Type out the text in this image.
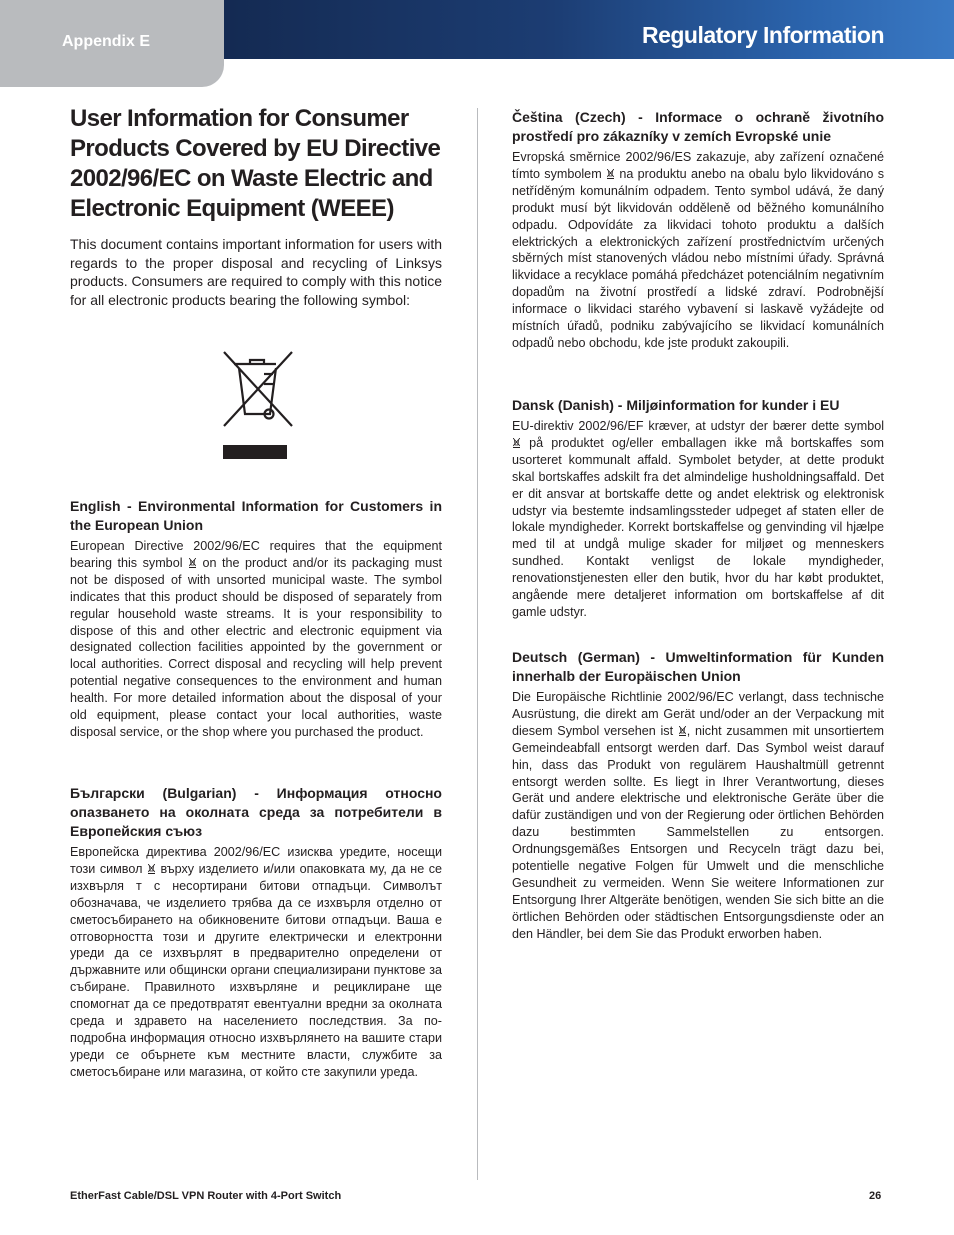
Appendix E	Regulatory Information
User Information for Consumer Products Covered by EU Directive 2002/96/EC on Waste Electric and Electronic Equipment (WEEE)

This document contains important information for users with regards to the proper disposal and recycling of Linksys products. Consumers are required to comply with this notice for all electronic products bearing the following symbol:

English - Environmental Information for Customers in the European Union

European Directive 2002/96/EC requires that the equipment bearing this symbol on the product and/or its packaging must not be disposed of with unsorted municipal waste. The symbol indicates that this product should be disposed of separately from regular household waste streams. It is your responsibility to dispose of this and other electric and electronic equipment via designated collection facilities appointed by the government or local authorities. Correct disposal and recycling will help prevent potential negative consequences to the environment and human health. For more detailed information about the disposal of your old equipment, please contact your local authorities, waste disposal service, or the shop where you purchased the product.

Български (Bulgarian) - Информация относно опазването на околната среда за потребители в Европейския съюз

Европейска директива 2002/96/EC изисква уредите, носещи този символ върху изделието и/или опаковката му, да не се изхвърля т с несортирани битови отпадъци. Символът обозначава, че изделието трябва да се изхвърля отделно от сметосъбирането на обикновените битови отпадъци. Ваша е отговорността този и другите електрически и електронни уреди да се изхвърлят в предварително определени от държавните или общински органи специализирани пунктове за събиране. Правилното изхвърляне и рециклиране ще спомогнат да се предотвратят евентуални вредни за околната среда и здравето на населението последствия. За по-подробна информация относно изхвърлянето на вашите стари уреди се обърнете към местните власти, службите за сметосъбиране или магазина, от който сте закупили уреда.

Čeština (Czech) - Informace o ochraně životního prostředí pro zákazníky v zemích Evropské unie

Evropská směrnice 2002/96/ES zakazuje, aby zařízení označené tímto symbolem na produktu anebo na obalu bylo likvidováno s netříděným komunálním odpadem. Tento symbol udává, že daný produkt musí být likvidován odděleně od běžného komunálního odpadu. Odpovídáte za likvidaci tohoto produktu a dalších elektrických a elektronických zařízení prostřednictvím určených sběrných míst stanovených vládou nebo místními úřady. Správná likvidace a recyklace pomáhá předcházet potenciálním negativním dopadům na životní prostředí a lidské zdraví. Podrobnější informace o likvidaci starého vybavení si laskavě vyžádejte od místních úřadů, podniku zabývajícího se likvidací komunálních odpadů nebo obchodu, kde jste produkt zakoupili.

Dansk (Danish) - Miljøinformation for kunder i EU

EU-direktiv 2002/96/EF kræver, at udstyr der bærer dette symbol  på produktet og/eller emballagen ikke må bortskaffes som usorteret kommunalt affald. Symbolet betyder, at dette produkt skal bortskaffes adskilt fra det almindelige husholdningsaffald. Det er dit ansvar at bortskaffe dette og andet elektrisk og elektronisk udstyr via bestemte indsamlingssteder udpeget af staten eller de lokale myndigheder. Korrekt bortskaffelse og genvinding vil hjælpe med til at undgå mulige skader for miljøet og menneskers sundhed. Kontakt venligst de lokale myndigheder, renovationstjenesten eller den butik, hvor du har købt produktet, angående mere detaljeret information om bortskaffelse af dit gamle udstyr.

Deutsch (German) - Umweltinformation für Kunden innerhalb der Europäischen Union

Die Europäische Richtlinie 2002/96/EC verlangt, dass technische Ausrüstung, die direkt am Gerät und/oder an der Verpackung mit diesem Symbol versehen ist , nicht zusammen mit unsortiertem Gemeindeabfall entsorgt werden darf. Das Symbol weist darauf hin, dass das Produkt von regulärem Haushaltmüll getrennt entsorgt werden sollte. Es liegt in Ihrer Verantwortung, dieses Gerät und andere elektrische und elektronische Geräte über die dafür zuständigen und von der Regierung oder örtlichen Behörden dazu bestimmten Sammelstellen zu entsorgen. Ordnungsgemäßes Entsorgen und Recyceln trägt dazu bei, potentielle negative Folgen für Umwelt und die menschliche Gesundheit zu vermeiden. Wenn Sie weitere Informationen zur Entsorgung Ihrer Altgeräte benötigen, wenden Sie sich bitte an die örtlichen Behörden oder städtischen Entsorgungsdienste oder an den Händler, bei dem Sie das Produkt erworben haben.

EtherFast Cable/DSL VPN Router with 4-Port Switch	26
